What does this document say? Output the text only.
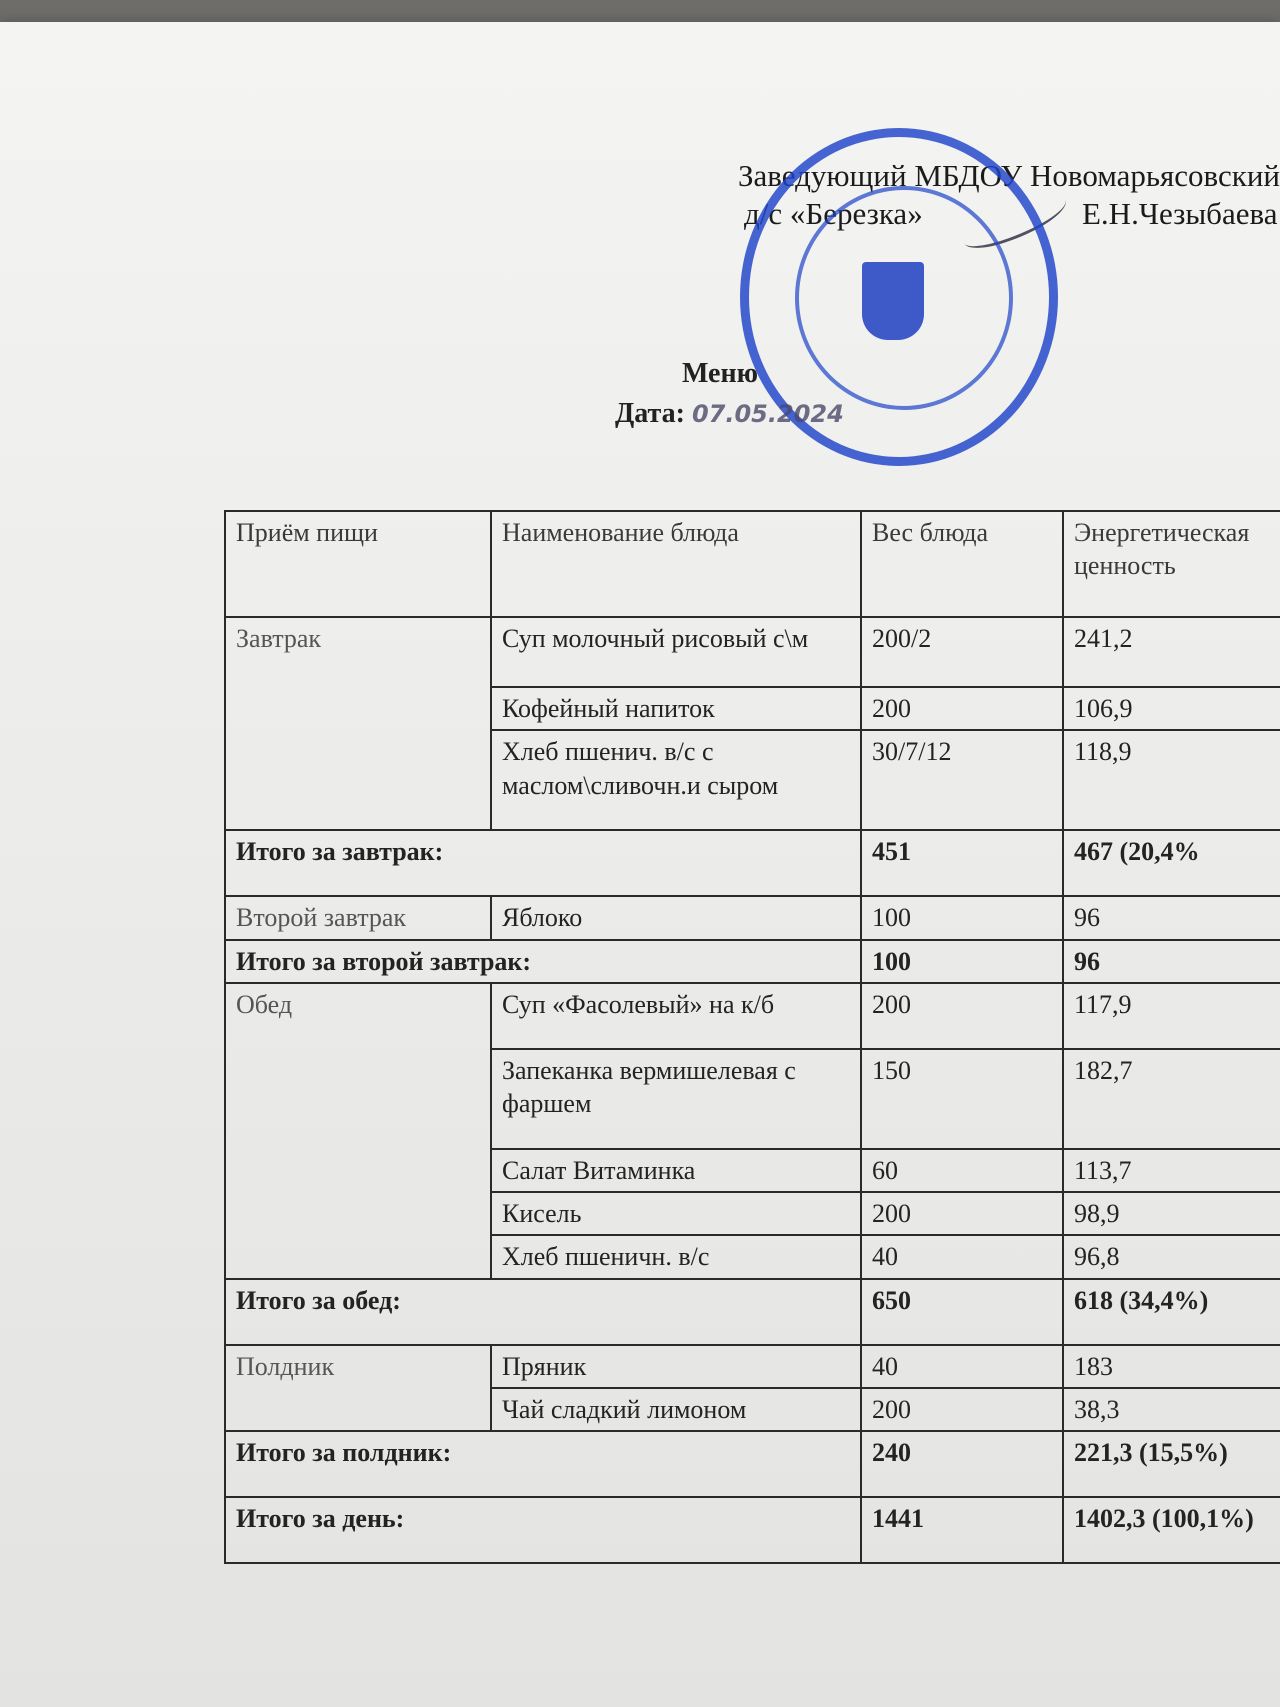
Заведующий МБДОУ Новомарьясовский
д/с «Березка»	Е.Н.Чезыбаева
Меню
Дата: 07.05.2024
Приём пищи	Наименование блюда	Вес блюда	Энергетическая ценность
Завтрак	Суп молочный рисовый с\м	200/2	241,2
	Кофейный напиток	200	106,9
	Хлеб пшенич. в/с с маслом\сливочн.и сыром	30/7/12	118,9
Итого за завтрак:		451	467 (20,4%
Второй завтрак	Яблоко	100	96
Итого за второй завтрак:		100	96
Обед	Суп «Фасолевый» на к/б	200	117,9
	Запеканка вермишелевая с фаршем	150	182,7
	Салат Витаминка	60	113,7
	Кисель	200	98,9
	Хлеб пшеничн. в/с	40	96,8
Итого за обед:		650	618 (34,4%)
Полдник	Пряник	40	183
	Чай сладкий лимоном	200	38,3
Итого за полдник:		240	221,3 (15,5%)
Итого за день:		1441	1402,3 (100,1%)
